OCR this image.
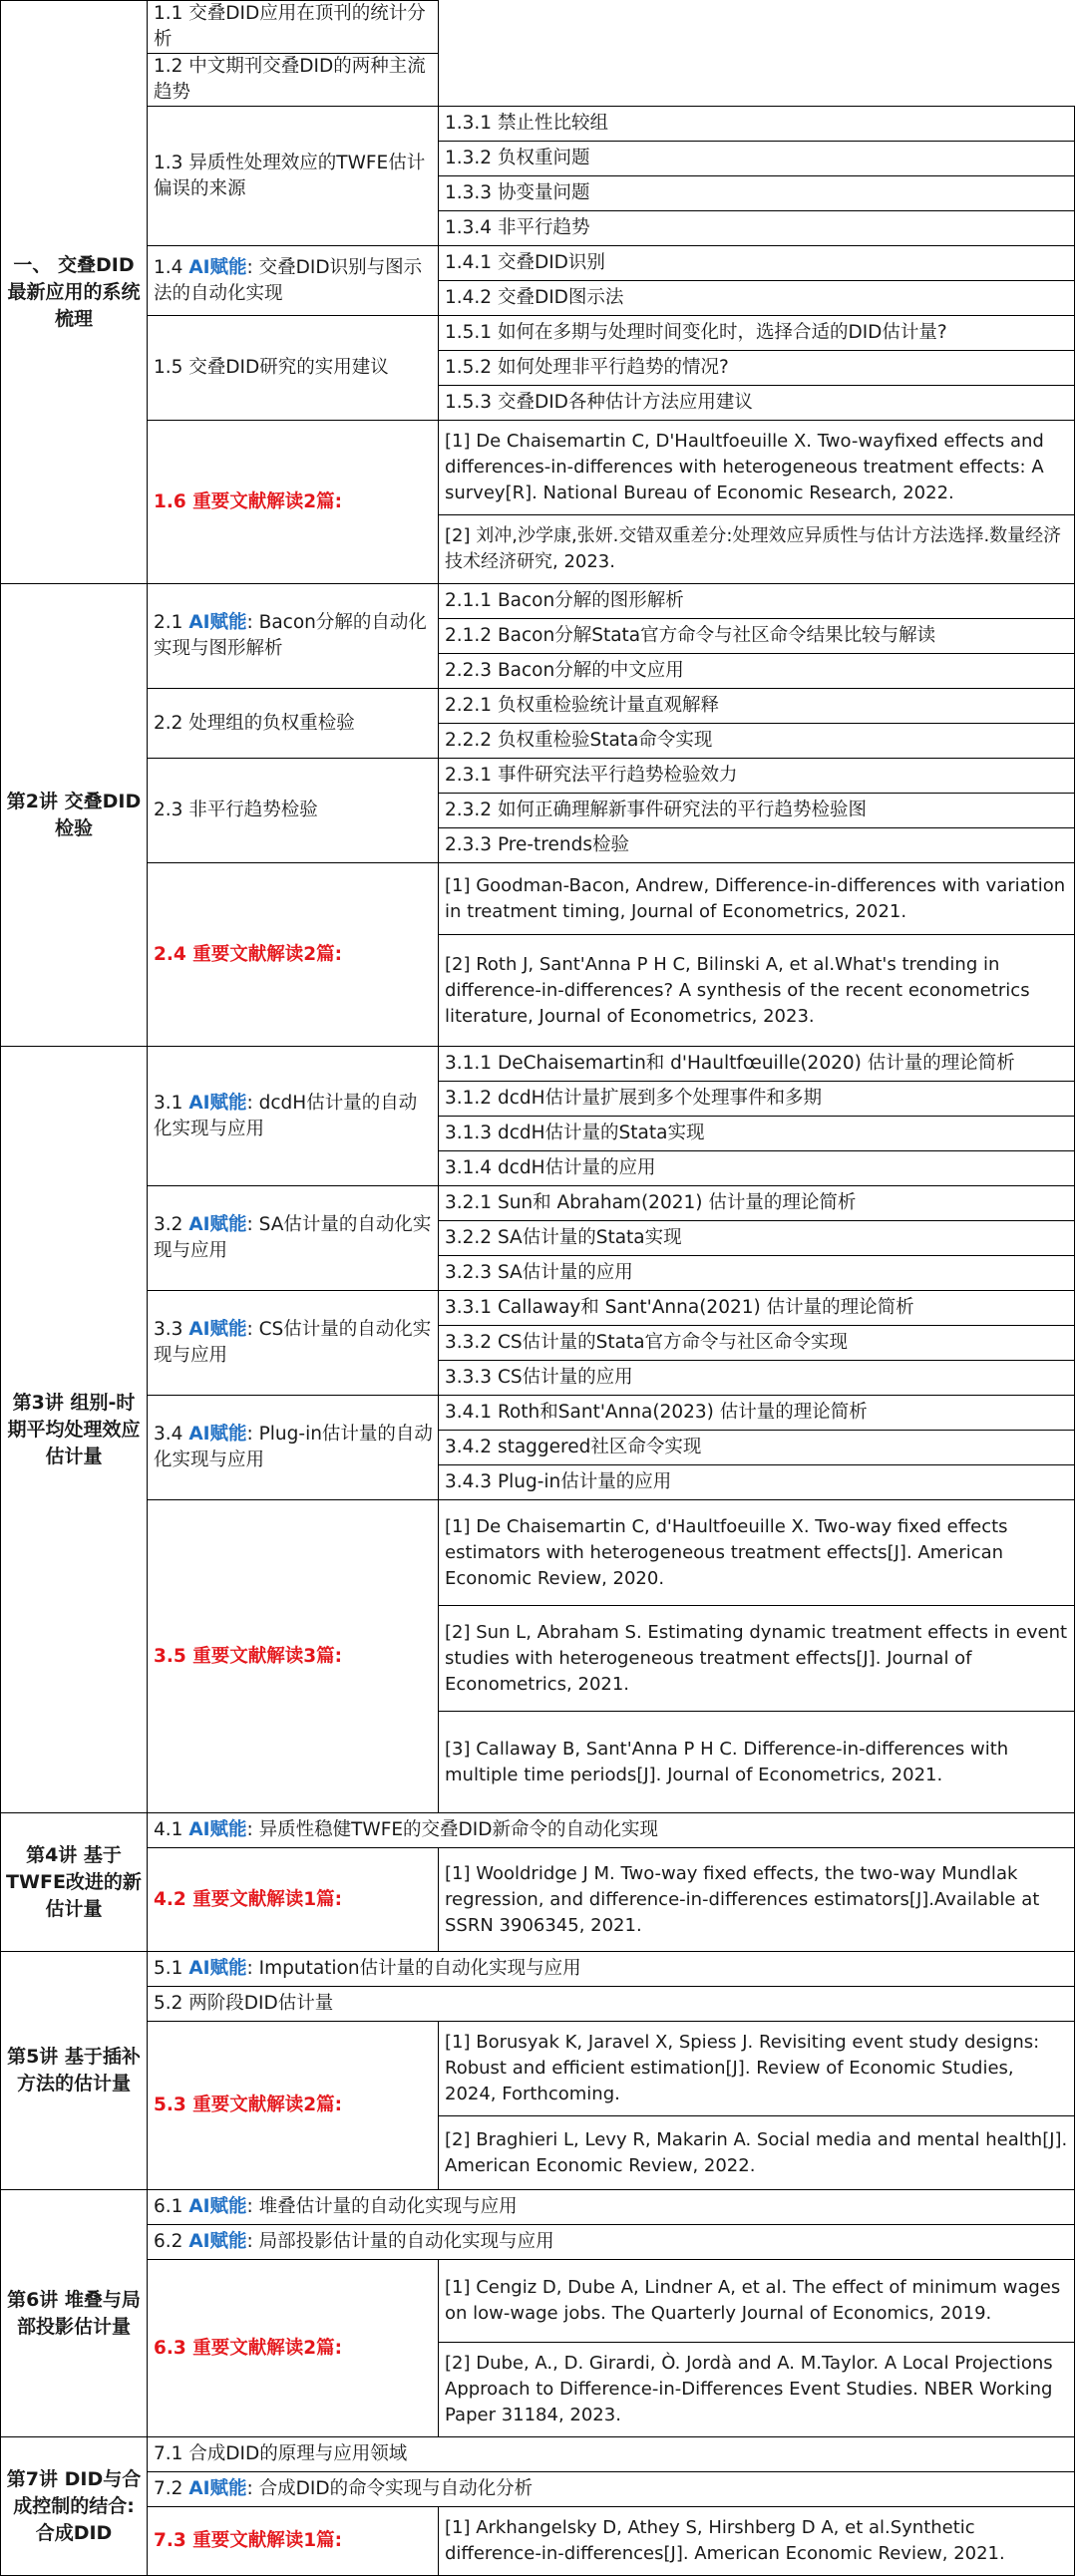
一、 交叠DID最新应用的系统梳理	1.1 交叠DID应用在顶刊的统计分析	
	1.2 中文期刊交叠DID的两种主流趋势	
	1.3 异质性处理效应的TWFE估计偏误的来源	1.3.1 禁止性比较组
		1.3.2 负权重问题
		1.3.3 协变量问题
		1.3.4 非平行趋势
	1.4 AI赋能: 交叠DID识别与图示法的自动化实现	1.4.1 交叠DID识别
		1.4.2 交叠DID图示法
	1.5 交叠DID研究的实用建议	1.5.1 如何在多期与处理时间变化时，选择合适的DID估计量?
		1.5.2 如何处理非平行趋势的情况?
		1.5.3 交叠DID各种估计方法应用建议
	1.6 重要文献解读2篇:	[1] De Chaisemartin C, D'Haultfoeuille X. Two-wayfixed effects and differences-in-differences with heterogeneous treatment effects: A survey[R]. National Bureau of Economic Research, 2022.
		[2] 刘冲,沙学康,张妍.交错双重差分:处理效应异质性与估计方法选择.数量经济技术经济研究, 2023.
第2讲 交叠DID检验	2.1 AI赋能: Bacon分解的自动化实现与图形解析	2.1.1 Bacon分解的图形解析
		2.1.2 Bacon分解Stata官方命令与社区命令结果比较与解读
		2.2.3 Bacon分解的中文应用
	2.2 处理组的负权重检验	2.2.1 负权重检验统计量直观解释
		2.2.2 负权重检验Stata命令实现
	2.3 非平行趋势检验	2.3.1 事件研究法平行趋势检验效力
		2.3.2 如何正确理解新事件研究法的平行趋势检验图
		2.3.3 Pre-trends检验
	2.4 重要文献解读2篇:	[1] Goodman-Bacon, Andrew, Difference-in-differences with variation in treatment timing, Journal of Econometrics, 2021.
		[2] Roth J, Sant'Anna P H C, Bilinski A, et al.What's trending in difference-in-differences? A synthesis of the recent econometrics literature, Journal of Econometrics, 2023.
第3讲 组别-时期平均处理效应估计量	3.1 AI赋能: dcdH估计量的自动化实现与应用	3.1.1 DeChaisemartin和 d'Haultfœuille(2020) 估计量的理论简析
		3.1.2 dcdH估计量扩展到多个处理事件和多期
		3.1.3 dcdH估计量的Stata实现
		3.1.4 dcdH估计量的应用
	3.2 AI赋能: SA估计量的自动化实现与应用	3.2.1 Sun和 Abraham(2021) 估计量的理论简析
		3.2.2 SA估计量的Stata实现
		3.2.3 SA估计量的应用
	3.3 AI赋能: CS估计量的自动化实现与应用	3.3.1 Callaway和 Sant'Anna(2021) 估计量的理论简析
		3.3.2 CS估计量的Stata官方命令与社区命令实现
		3.3.3 CS估计量的应用
	3.4 AI赋能: Plug-in估计量的自动化实现与应用	3.4.1 Roth和Sant'Anna(2023) 估计量的理论简析
		3.4.2 staggered社区命令实现
		3.4.3 Plug-in估计量的应用
	3.5 重要文献解读3篇:	[1] De Chaisemartin C, d'Haultfoeuille X. Two-way fixed effects estimators with heterogeneous treatment effects[J]. American Economic Review, 2020.
		[2] Sun L, Abraham S. Estimating dynamic treatment effects in event studies with heterogeneous treatment effects[J]. Journal of Econometrics, 2021.
		[3] Callaway B, Sant'Anna P H C. Difference-in-differences with multiple time periods[J]. Journal of Econometrics, 2021.
第4讲 基于TWFE改进的新估计量	4.1 AI赋能: 异质性稳健TWFE的交叠DID新命令的自动化实现	
	4.2 重要文献解读1篇:	[1] Wooldridge J M. Two-way fixed effects, the two-way Mundlak regression, and difference-in-differences estimators[J].Available at SSRN 3906345, 2021.
第5讲 基于插补方法的估计量	5.1 AI赋能: Imputation估计量的自动化实现与应用	
	5.2 两阶段DID估计量	
	5.3 重要文献解读2篇:	[1] Borusyak K, Jaravel X, Spiess J. Revisiting event study designs: Robust and efficient estimation[J]. Review of Economic Studies, 2024, Forthcoming.
		[2] Braghieri L, Levy R, Makarin A. Social media and mental health[J]. American Economic Review, 2022.
第6讲 堆叠与局部投影估计量	6.1 AI赋能: 堆叠估计量的自动化实现与应用	
	6.2 AI赋能: 局部投影估计量的自动化实现与应用	
	6.3 重要文献解读2篇:	[1] Cengiz D, Dube A, Lindner A, et al. The effect of minimum wages on low-wage jobs. The Quarterly Journal of Economics, 2019.
		[2] Dube, A., D. Girardi, Ò. Jordà and A. M.Taylor. A Local Projections Approach to Difference-in-Differences Event Studies. NBER Working Paper 31184, 2023.
第7讲 DID与合成控制的结合: 合成DID	7.1 合成DID的原理与应用领域	
	7.2 AI赋能: 合成DID的命令实现与自动化分析	
	7.3 重要文献解读1篇:	[1] Arkhangelsky D, Athey S, Hirshberg D A, et al.Synthetic difference-in-differences[J]. American Economic Review, 2021.
